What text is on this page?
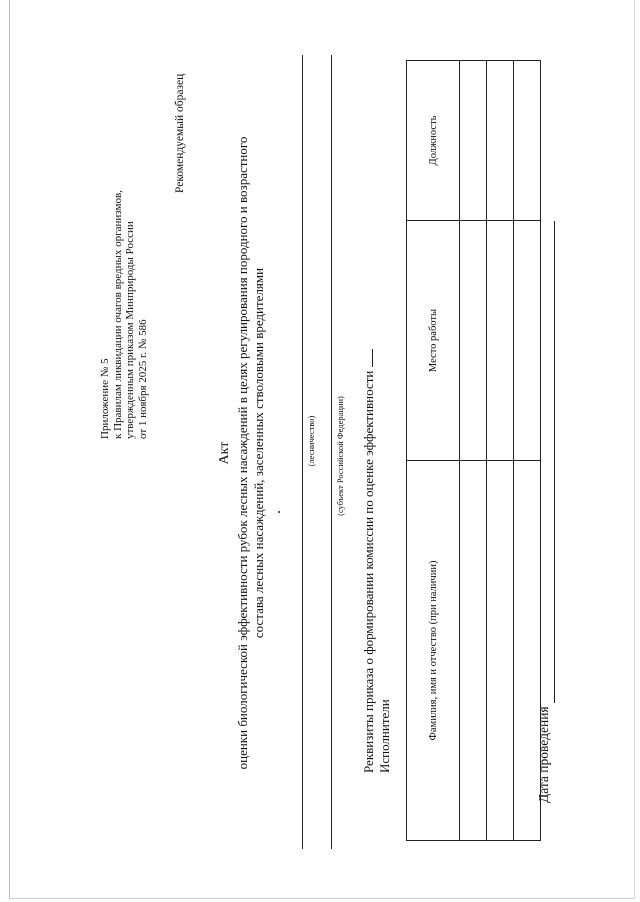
Приложение № 5 к Правилам ликвидации очагов вредных организмов, утвержденным приказом Минприроды России от 1 ноября 2025 г. № 586
Рекомендуемый образец
Акт оценки биологической эффективности рубок лесных насаждений в целях регулирования породного и возрастного состава лесных насаждений, заселенных стволовыми вредителями	(лесничество) (субъект Российской Федерации) Реквизиты приказа о формировании комиссии по оценке эффективности Исполнители	Фамилия, имя и отчество (при наличии)	Место работы	Должность

Дата проведения
